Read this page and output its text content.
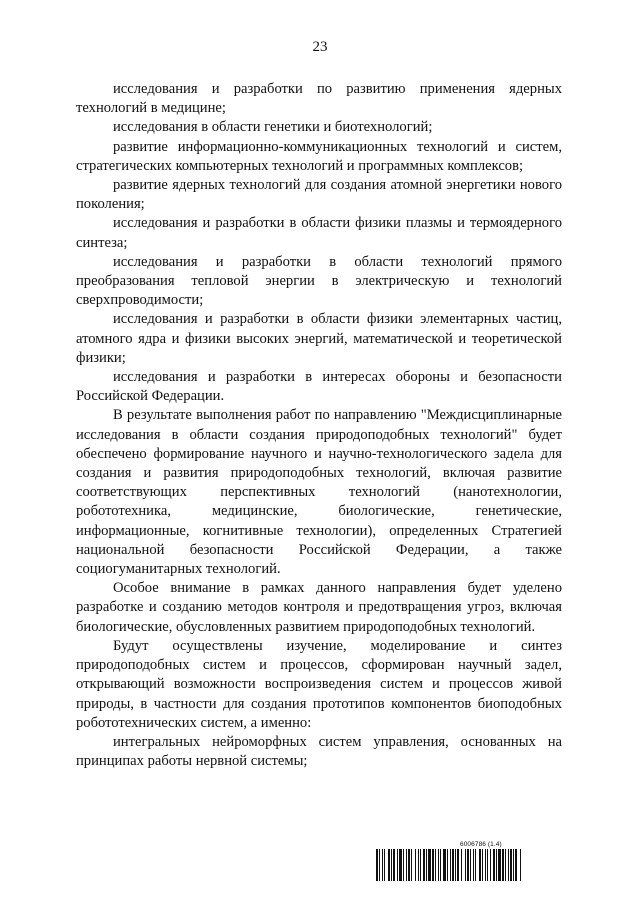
23

исследования и разработки по развитию применения ядерных технологий в медицине;

исследования в области генетики и биотехнологий;

развитие информационно-коммуникационных технологий и систем, стратегических компьютерных технологий и программных комплексов;

развитие ядерных технологий для создания атомной энергетики нового поколения;

исследования и разработки в области физики плазмы и термоядерного синтеза;

исследования и разработки в области технологий прямого преобразования тепловой энергии в электрическую и технологий сверхпроводимости;

исследования и разработки в области физики элементарных частиц, атомного ядра и физики высоких энергий, математической и теоретической физики;

исследования и разработки в интересах обороны и безопасности Российской Федерации.

В результате выполнения работ по направлению "Междисциплинарные исследования в области создания природоподобных технологий" будет обеспечено формирование научного и научно-технологического задела для создания и развития природоподобных технологий, включая развитие соответствующих перспективных технологий (нанотехнологии, робототехника, медицинские, биологические, генетические, информационные, когнитивные технологии), определенных Стратегией национальной безопасности Российской Федерации, а также социогуманитарных технологий.

Особое внимание в рамках данного направления будет уделено разработке и созданию методов контроля и предотвращения угроз, включая биологические, обусловленных развитием природоподобных технологий.

Будут осуществлены изучение, моделирование и синтез природоподобных систем и процессов, сформирован научный задел, открывающий возможности воспроизведения систем и процессов живой природы, в частности для создания прототипов компонентов биоподобных робототехнических систем, а именно:

интегральных нейроморфных систем управления, основанных на принципах работы нервной системы;

6006786 (1.4)
